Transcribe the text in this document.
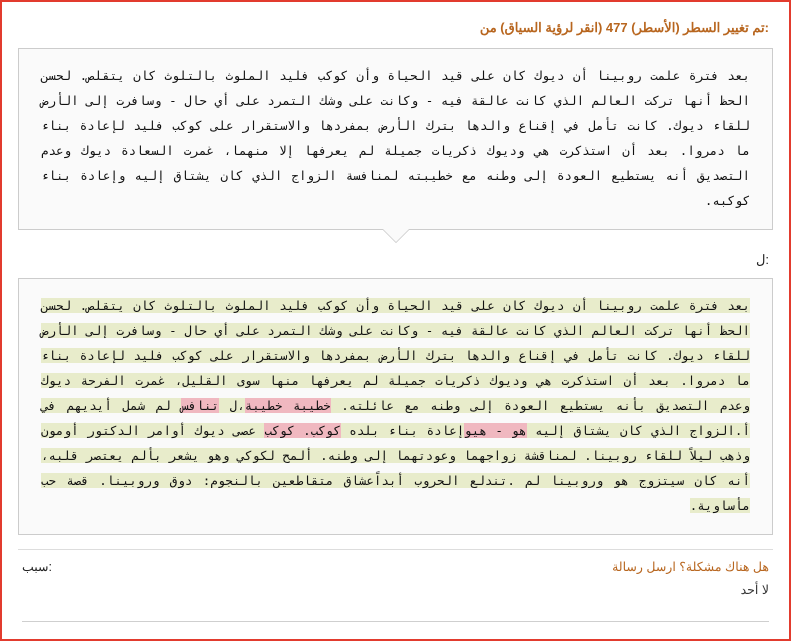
:تم تغيير السطر (الأسطر) 477 (انقر لرؤية السياق) من
بعد فترة علمت روبينا أن ديوك كان على قيد الحياة وأن كوكب فليد الملوث بالتلوث كان يتقلص. لحسن الحظ أنها تركت العالم الذي كانت عالقة فيه - وكانت على وشك التمرد على أي حال - وسافرت إلى الأرض للقاء ديوك. كانت تأمل في إقناع والدها بترك الأرض بمفردها والاستقرار على كوكب فليد لإعادة بناء ما دمروا. بعد أن استذكرت هي وديوك ذكريات جميلة لم يعرفها إلا منهما، غمرت السعادة ديوك وعدم التصديق أنه يستطيع العودة إلى وطنه مع خطيبته لمنافسة الزواج الذي كان يشتاق إليه وإعادة بناء كوكبه.
:ل
بعد فترة علمت روبينا أن ديوك كان على قيد الحياة وأن كوكب فليد الملوث بالتلوث كان يتقلص. لحسن الحظ أنها تركت العالم الذي كانت عالقة فيه - وكانت على وشك التمرد على أي حال - وسافرت إلى الأرض للقاء ديوك. كانت تأمل في إقناع والدها بترك الأرض بمفردها والاستقرار على كوكب فليد لإعادة بناء ما دمروا. بعد أن استذكرت هي وديوك ذكريات جميلة لم يعرفها منها سوى القليل، غمرت الفرحة ديوك وعدم التصديق بأنه يستطيع العودة إلى وطنه مع عائلته. خطيبة خطيبة،ل تنافس لم شمل أيديهم في أ.الزواج الذي كان يشتاق إليه هو - هيوإعادة بناء بلده كوكب. كوكب عصى ديوك أوامر الدكتور أومون وذهب ليلاً للقاء روبينا. لمناقشة زواجهما وعودتهما إلى وطنه. ألمح لكوكي وهو يشعر بألم يعتصر قلبه، أنه كان سيتزوج هو وروبينا لم .تندلع الحروب أبداًعشاق متقاطعين بالنجوم: دوق وروبينا. قصة حب مأساوية.
:سبب	هل هناك مشكلة؟ ارسل رسالة
لا أحد
